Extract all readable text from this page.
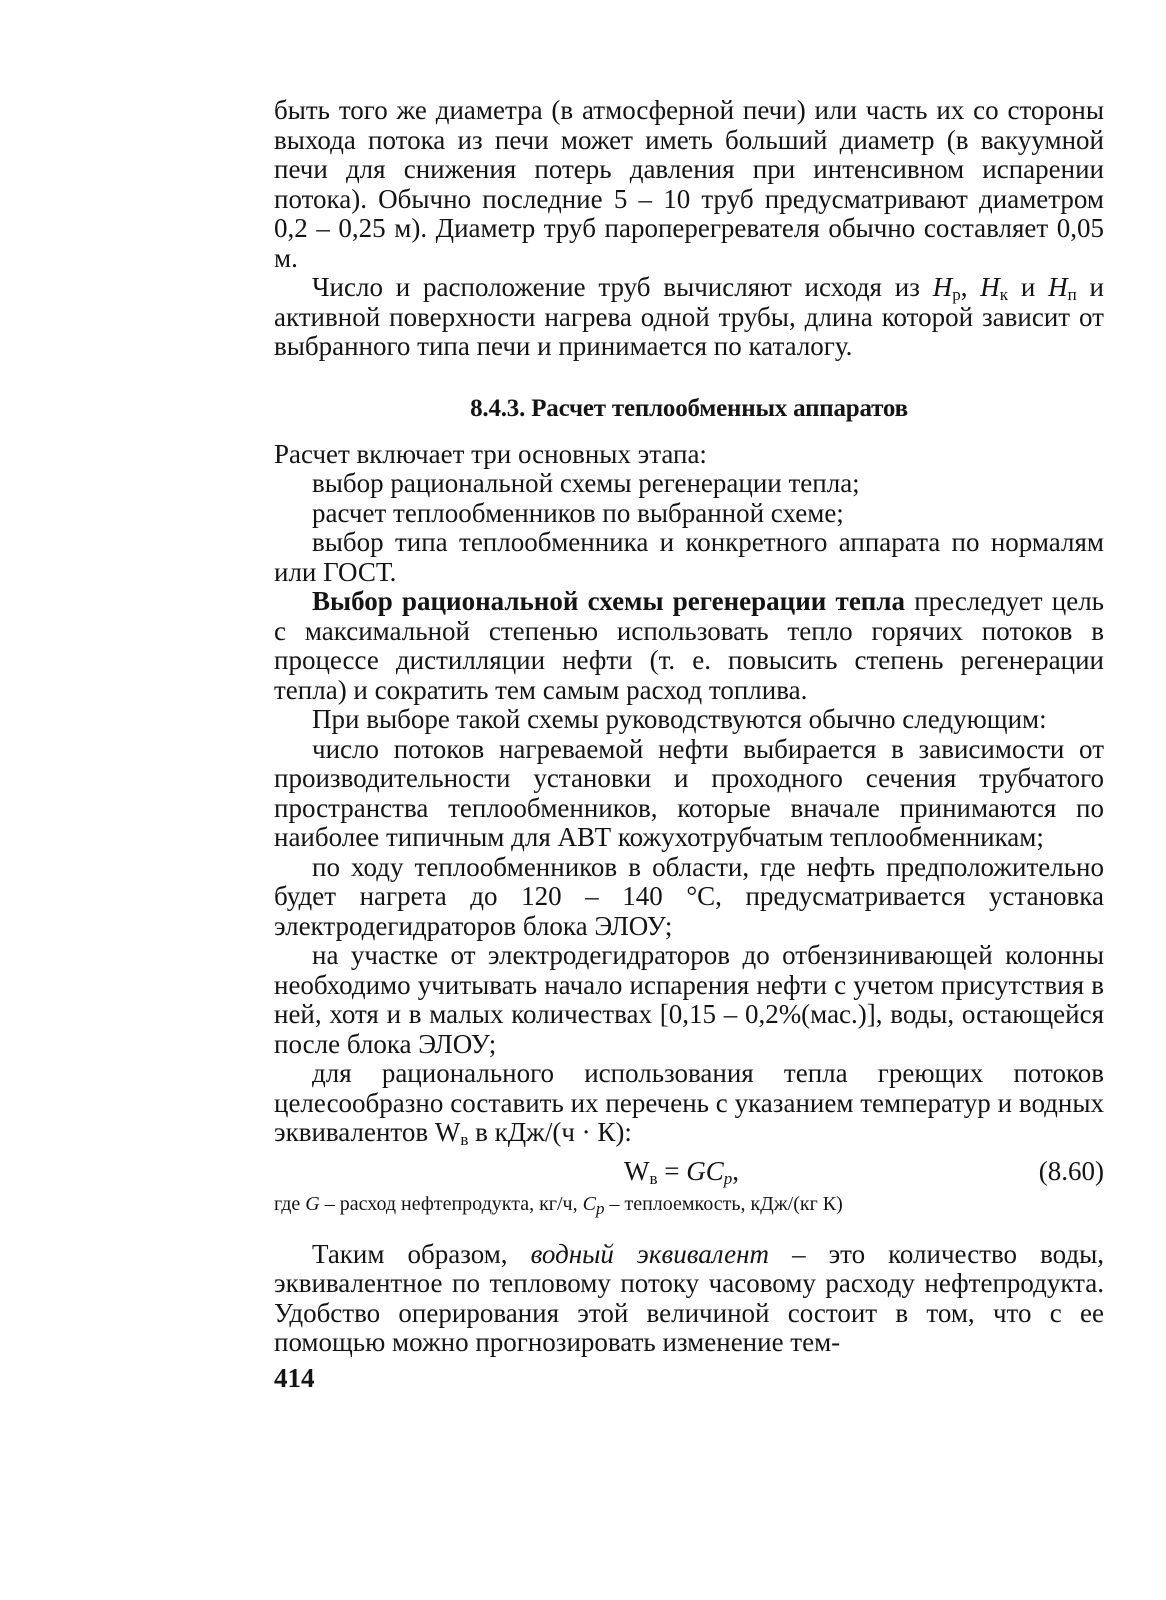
быть того же диаметра (в атмосферной печи) или часть их со стороны выхода потока из печи может иметь больший диаметр (в вакуумной печи для снижения потерь давления при интенсивном испарении потока). Обычно последние 5 – 10 труб предусматривают диаметром 0,2 – 0,25 м). Диаметр труб пароперегревателя обычно составляет 0,05 м.

Число и расположение труб вычисляют исходя из $H_р$, $H_к$ и $H_п$ и активной поверхности нагрева одной трубы, длина которой зависит от выбранного типа печи и принимается по каталогу.

8.4.3. Расчет теплообменных аппаратов

Расчет включает три основных этапа:

выбор рациональной схемы регенерации тепла;

расчет теплообменников по выбранной схеме;

выбор типа теплообменника и конкретного аппарата по нормалям или ГОСТ.

Выбор рациональной схемы регенерации тепла преследует цель с максимальной степенью использовать тепло горячих потоков в процессе дистилляции нефти (т. е. повысить степень регенерации тепла) и сократить тем самым расход топлива.

При выборе такой схемы руководствуются обычно следующим:

число потоков нагреваемой нефти выбирается в зависимости от производительности установки и проходного сечения трубчатого пространства теплообменников, которые вначале принимаются по наиболее типичным для АВТ кожухотрубчатым теплообменникам;

по ходу теплообменников в области, где нефть предположительно будет нагрета до 120 – 140 °С, предусматривается установка электродегидраторов блока ЭЛОУ;

на участке от электродегидраторов до отбензинивающей колонны необходимо учитывать начало испарения нефти с учетом присутствия в ней, хотя и в малых количествах [0,15 – 0,2%(мас.)], воды, остающейся после блока ЭЛОУ;

для рационального использования тепла греющих потоков целесообразно составить их перечень с указанием температур и водных эквивалентов $W_в$ в кДж/(ч · К):

$W_в = GC_p$,	(8.60)

где G – расход нефтепродукта, кг/ч, $C_p$ – теплоемкость, кДж/(кг К)

Таким образом, водный эквивалент – это количество воды, эквивалентное по тепловому потоку часовому расходу нефтепродукта. Удобство оперирования этой величиной состоит в том, что с ее помощью можно прогнозировать изменение тем-

414
